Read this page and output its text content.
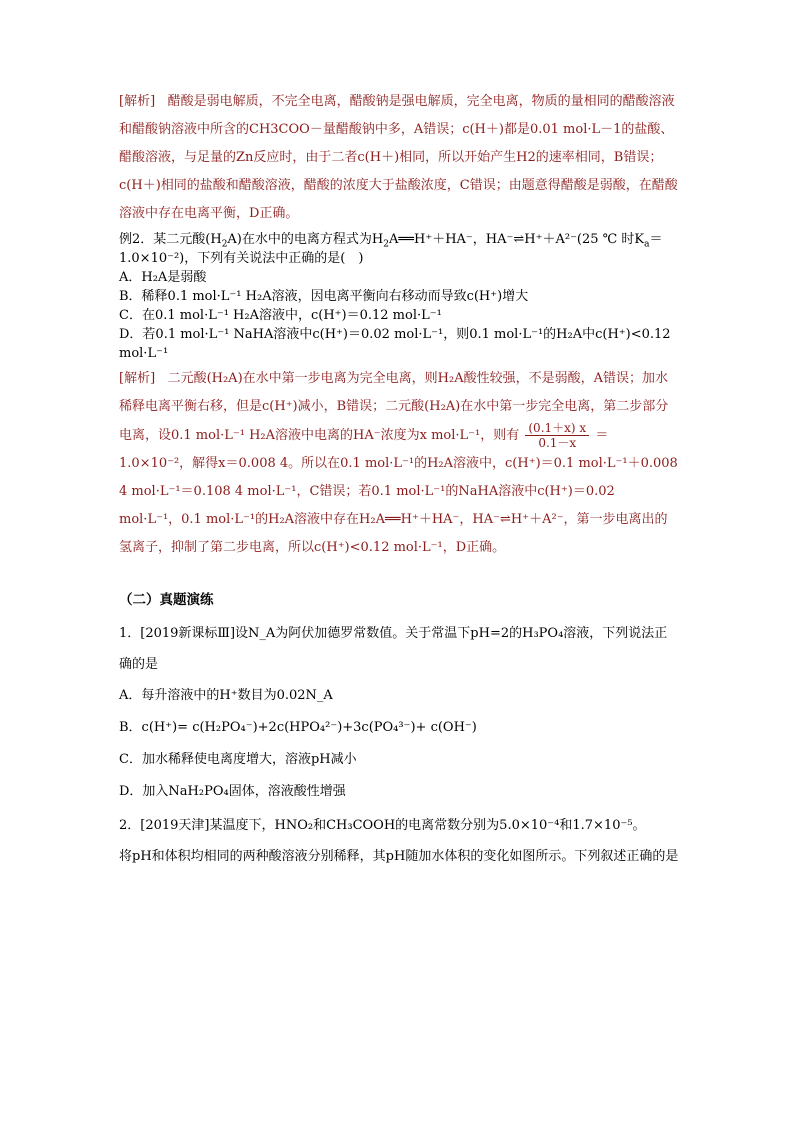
[解析] 醋酸是弱电解质，不完全电离，醋酸钠是强电解质，完全电离，物质的量相同的醋酸溶液和醋酸钠溶液中所含的CH3COO－量醋酸钠中多，A错误；c(H＋)都是0.01 mol·L－1的盐酸、醋酸溶液，与足量的Zn反应时，由于二者c(H＋)相同，所以开始产生H2的速率相同，B错误；c(H＋)相同的盐酸和醋酸溶液，醋酸的浓度大于盐酸浓度，C错误；由题意得醋酸是弱酸，在醋酸溶液中存在电离平衡，D正确。

例2．某二元酸$(H_2A)$在水中的电离方程式为$H_2A══H^++HA^-$，HA⁻⇌H⁺＋A²⁻(25 ℃ 时$K_a=1.0\times 10^{-2}$)，下列有关说法中正确的是(　)

A．H₂A是弱酸

B．稀释0.1 mol·L⁻¹ H₂A溶液，因电离平衡向右移动而导致c(H⁺)增大

C．在0.1 mol·L⁻¹ H₂A溶液中，c(H⁺)＝0.12 mol·L⁻¹

D．若0.1 mol·L⁻¹ NaHA溶液中c(H⁺)＝0.02 mol·L⁻¹，则0.1 mol·L⁻¹的H₂A中c(H⁺)<0.12
mol·L⁻¹

[解析] 二元酸(H₂A)在水中第一步电离为完全电离，则H₂A酸性较强，不是弱酸，A错误；加水稀释电离平衡右移，但是c(H⁺)减小，B错误；二元酸(H₂A)在水中第一步完全电离，第二步部分电离，设0.1 mol·L⁻¹ H₂A溶液中电离的HA⁻浓度为x mol·L⁻¹，则有 $\frac{(0.1+x) x}{0.1-x} =1.0\times 10^{-2}$，解得x＝0.008 4。所以在0.1 mol·L⁻¹的H₂A溶液中，c(H⁺)＝0.1 mol·L⁻¹＋0.008 4 mol·L⁻¹＝0.108 4 mol·L⁻¹，C错误；若0.1 mol·L⁻¹的NaHA溶液中c(H⁺)＝0.02 mol·L⁻¹，0.1 mol·L⁻¹的H₂A溶液中存在H₂A══H⁺＋HA⁻，HA⁻⇌H⁺＋A²⁻，第一步电离出的氢离子，抑制了第二步电离，所以c(H⁺)<0.12 mol·L⁻¹，D正确。

（二）真题演练

1．[2019新课标Ⅲ]设N_A为阿伏加德罗常数值。关于常温下pH=2的H₃PO₄溶液，下列说法正确的是

A．每升溶液中的H⁺数目为0.02N_A

B．c(H⁺)= c(H₂PO₄⁻)+2c(HPO₄²⁻)+3c(PO₄³⁻)+ c(OH⁻)

C．加水稀释使电离度增大，溶液pH减小

D．加入NaH₂PO₄固体，溶液酸性增强

2．[2019天津]某温度下，HNO₂和CH₃COOH的电离常数分别为5.0×10⁻⁴和1.7×10⁻⁵。

将pH和体积均相同的两种酸溶液分别稀释，其pH随加水体积的变化如图所示。下列叙述正确的是
